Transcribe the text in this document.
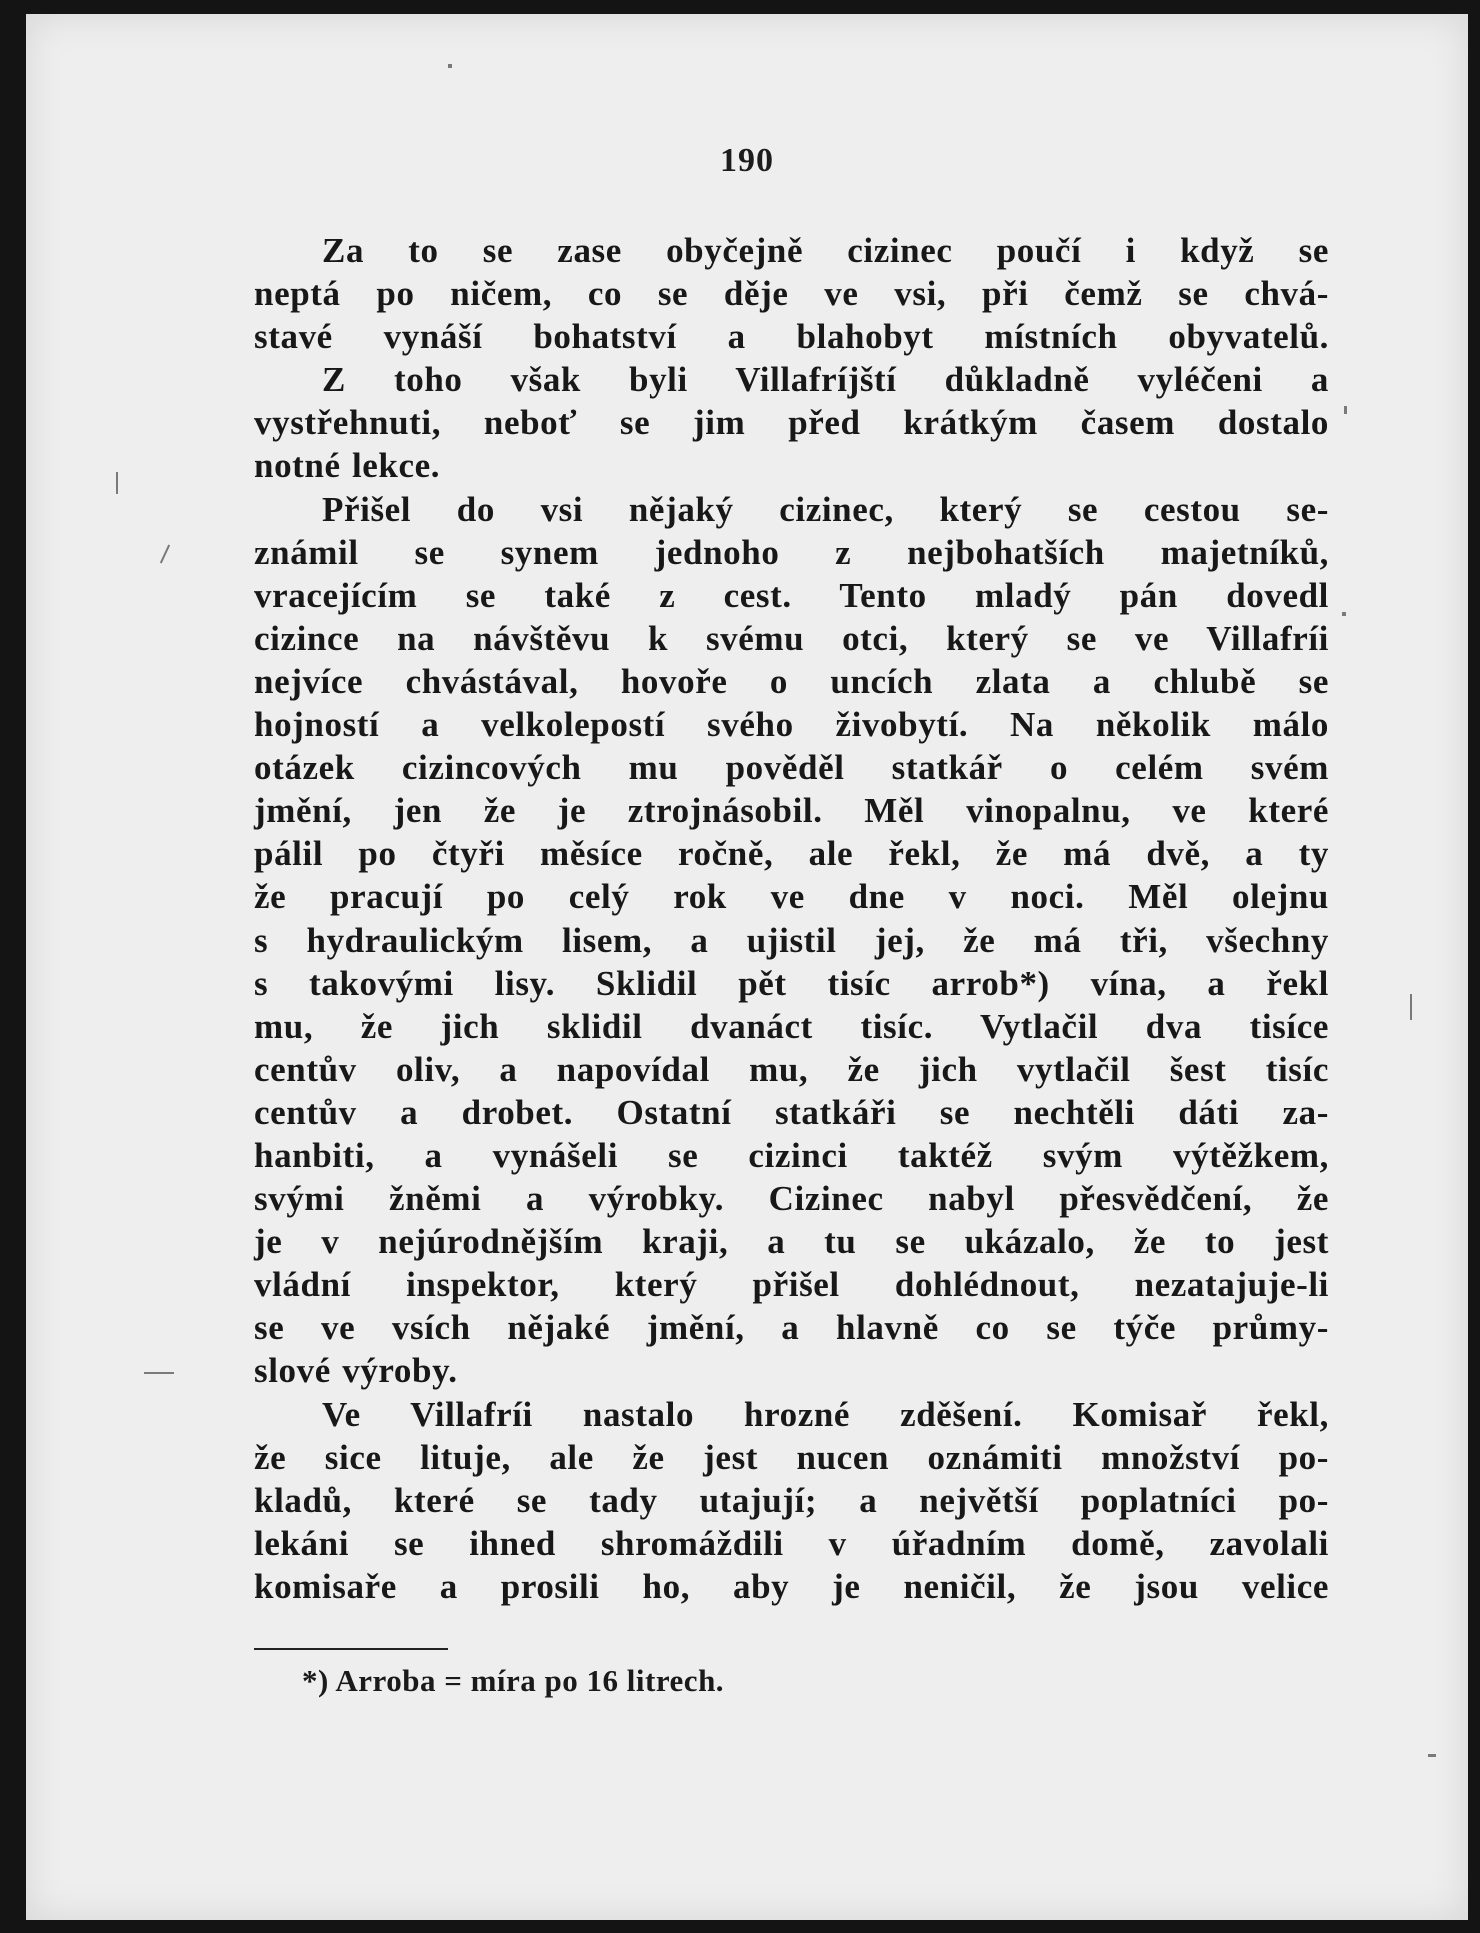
190
Za to se zase obyčejně cizinec poučí i když se
neptá po ničem, co se děje ve vsi, při čemž se chvá-
stavé vynáší bohatství a blahobyt místních obyvatelů.
Z toho však byli Villafríjští důkladně vyléčeni a
vystřehnuti, neboť se jim před krátkým časem dostalo
notné lekce.
Přišel do vsi nějaký cizinec, který se cestou se-
známil se synem jednoho z nejbohatších majetníků,
vracejícím se také z cest. Tento mladý pán dovedl
cizince na návštěvu k svému otci, který se ve Villafríi
nejvíce chvástával, hovoře o uncích zlata a chlubě se
hojností a velkolepostí svého živobytí. Na několik málo
otázek cizincových mu pověděl statkář o celém svém
jmění, jen že je ztrojnásobil. Měl vinopalnu, ve které
pálil po čtyři měsíce ročně, ale řekl, že má dvě, a ty
že pracují po celý rok ve dne v noci. Měl olejnu
s hydraulickým lisem, a ujistil jej, že má tři, všechny
s takovými lisy. Sklidil pět tisíc arrob*) vína, a řekl
mu, že jich sklidil dvanáct tisíc. Vytlačil dva tisíce
centův oliv, a napovídal mu, že jich vytlačil šest tisíc
centův a drobet. Ostatní statkáři se nechtěli dáti za-
hanbiti, a vynášeli se cizinci taktéž svým výtěžkem,
svými žněmi a výrobky. Cizinec nabyl přesvědčení, že
je v nejúrodnějším kraji, a tu se ukázalo, že to jest
vládní inspektor, který přišel dohlédnout, nezatajuje-li
se ve vsích nějaké jmění, a hlavně co se týče průmy-
slové výroby.
Ve Villafríi nastalo hrozné zděšení. Komisař řekl,
že sice lituje, ale že jest nucen oznámiti množství po-
kladů, které se tady utajují; a největší poplatníci po-
lekáni se ihned shromáždili v úřadním domě, zavolali
komisaře a prosili ho, aby je neničil, že jsou velice
*) Arroba = míra po 16 litrech.
